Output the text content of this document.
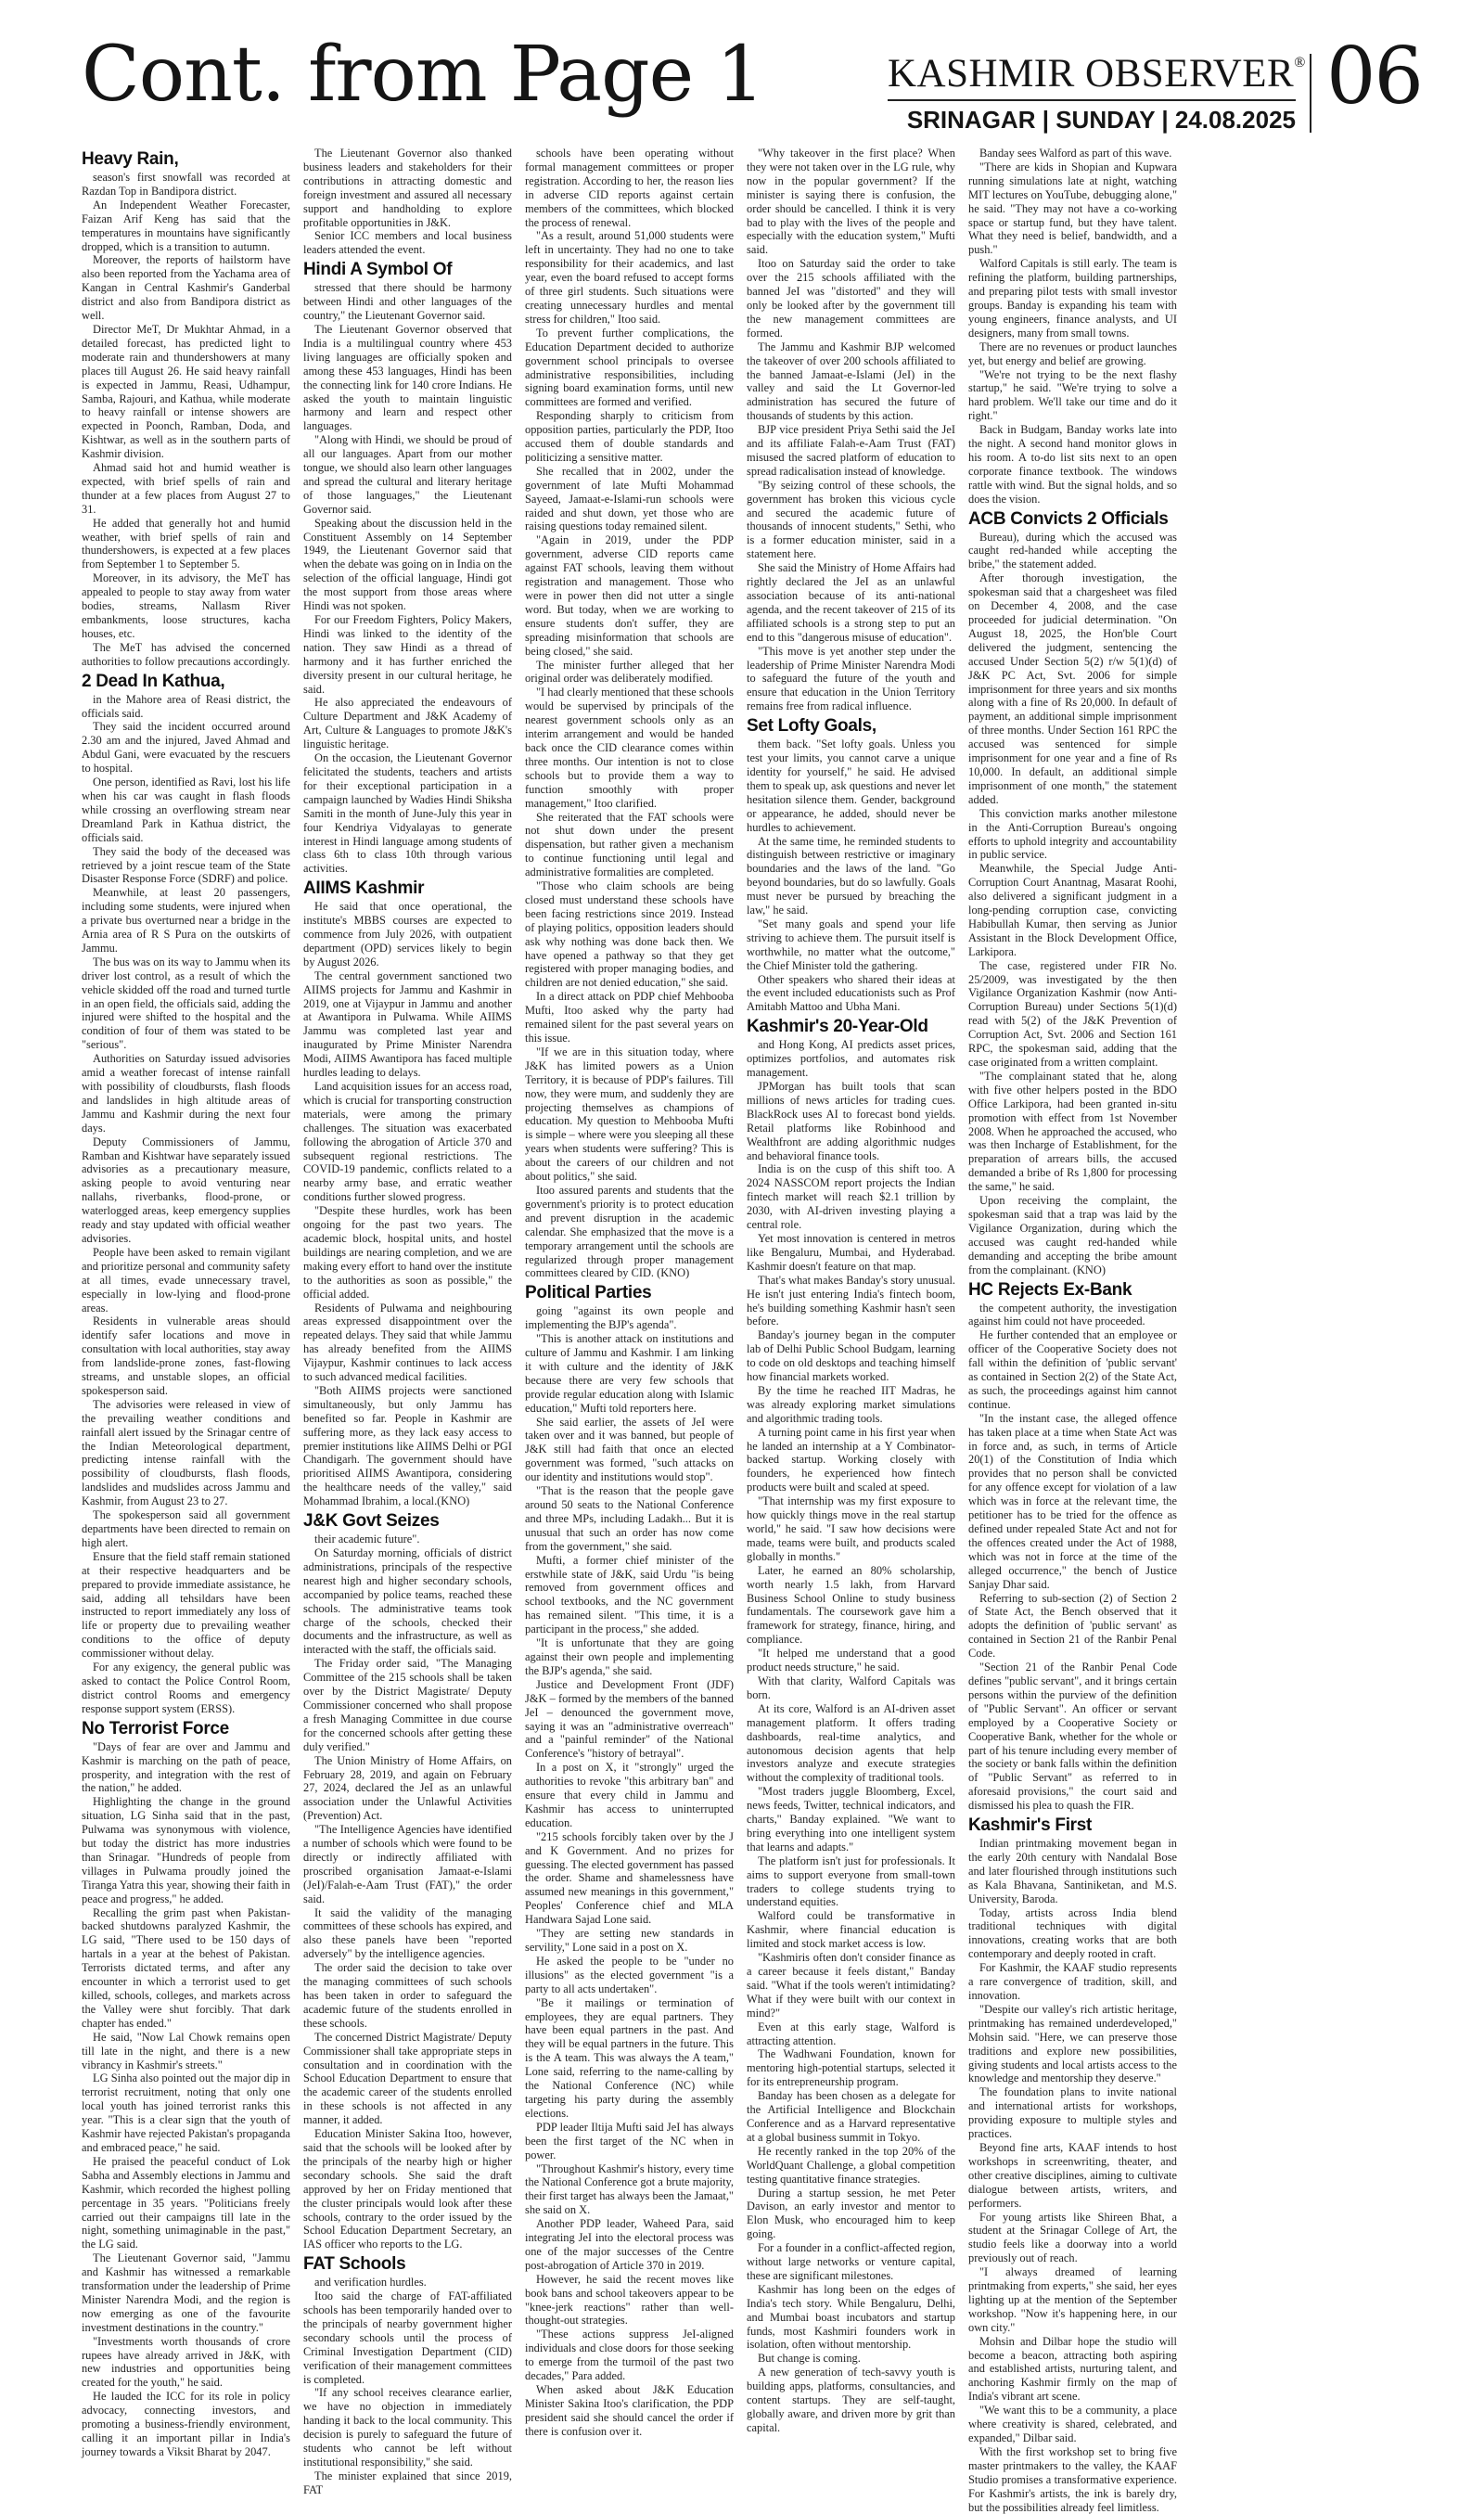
Cont. from Page 1	KASHMIR OBSERVER®
SRINAGAR | SUNDAY | 24.08.2025 06
Heavy Rain,

season's first snowfall was recorded at Razdan Top in Bandipora district.

An Independent Weather Forecaster, Faizan Arif Keng has said that the temperatures in mountains have significantly dropped, which is a transition to autumn.

Moreover, the reports of hailstorm have also been reported from the Yachama area of Kangan in Central Kashmir's Ganderbal district and also from Bandipora district as well.

Director MeT, Dr Mukhtar Ahmad, in a detailed forecast, has predicted light to moderate rain and thundershowers at many places till August 26. He said heavy rainfall is expected in Jammu, Reasi, Udhampur, Samba, Rajouri, and Kathua, while moderate to heavy rainfall or intense showers are expected in Poonch, Ramban, Doda, and Kishtwar, as well as in the southern parts of Kashmir division.

Ahmad said hot and humid weather is expected, with brief spells of rain and thunder at a few places from August 27 to 31.

He added that generally hot and humid weather, with brief spells of rain and thundershowers, is expected at a few places from September 1 to September 5.

Moreover, in its advisory, the MeT has appealed to people to stay away from water bodies, streams, Nallasm River embankments, loose structures, kacha houses, etc.

The MeT has advised the concerned authorities to follow precautions accordingly.

2 Dead In Kathua,

in the Mahore area of Reasi district, the officials said.

They said the incident occurred around 2.30 am and the injured, Javed Ahmad and Abdul Gani, were evacuated by the rescuers to hospital.

One person, identified as Ravi, lost his life when his car was caught in flash floods while crossing an overflowing stream near Dreamland Park in Kathua district, the officials said.

They said the body of the deceased was retrieved by a joint rescue team of the State Disaster Response Force (SDRF) and police.

Meanwhile, at least 20 passengers, including some students, were injured when a private bus overturned near a bridge in the Arnia area of R S Pura on the outskirts of Jammu.

The bus was on its way to Jammu when its driver lost control, as a result of which the vehicle skidded off the road and turned turtle in an open field, the officials said, adding the injured were shifted to the hospital and the condition of four of them was stated to be "serious".

Authorities on Saturday issued advisories amid a weather forecast of intense rainfall with possibility of cloudbursts, flash floods and landslides in high altitude areas of Jammu and Kashmir during the next four days.

Deputy Commissioners of Jammu, Ramban and Kishtwar have separately issued advisories as a precautionary measure, asking people to avoid venturing near nallahs, riverbanks, flood-prone, or waterlogged areas, keep emergency supplies ready and stay updated with official weather advisories.

People have been asked to remain vigilant and prioritize personal and community safety at all times, evade unnecessary travel, especially in low-lying and flood-prone areas.

Residents in vulnerable areas should identify safer locations and move in consultation with local authorities, stay away from landslide-prone zones, fast-flowing streams, and unstable slopes, an official spokesperson said.

The advisories were released in view of the prevailing weather conditions and rainfall alert issued by the Srinagar centre of the Indian Meteorological department, predicting intense rainfall with the possibility of cloudbursts, flash floods, landslides and mudslides across Jammu and Kashmir, from August 23 to 27.

The spokesperson said all government departments have been directed to remain on high alert.

Ensure that the field staff remain stationed at their respective headquarters and be prepared to provide immediate assistance, he said, adding all tehsildars have been instructed to report immediately any loss of life or property due to prevailing weather conditions to the office of deputy commissioner without delay.

For any exigency, the general public was asked to contact the Police Control Room, district control Rooms and emergency response support system (ERSS).

No Terrorist Force

"Days of fear are over and Jammu and Kashmir is marching on the path of peace, prosperity, and integration with the rest of the nation," he added.

Highlighting the change in the ground situation, LG Sinha said that in the past, Pulwama was synonymous with violence, but today the district has more industries than Srinagar. "Hundreds of people from villages in Pulwama proudly joined the Tiranga Yatra this year, showing their faith in peace and progress," he added.

Recalling the grim past when Pakistan-backed shutdowns paralyzed Kashmir, the LG said, "There used to be 150 days of hartals in a year at the behest of Pakistan. Terrorists dictated terms, and after any encounter in which a terrorist used to get killed, schools, colleges, and markets across the Valley were shut forcibly. That dark chapter has ended."

He said, "Now Lal Chowk remains open till late in the night, and there is a new vibrancy in Kashmir's streets."

LG Sinha also pointed out the major dip in terrorist recruitment, noting that only one local youth has joined terrorist ranks this year. "This is a clear sign that the youth of Kashmir have rejected Pakistan's propaganda and embraced peace," he said.

He praised the peaceful conduct of Lok Sabha and Assembly elections in Jammu and Kashmir, which recorded the highest polling percentage in 35 years. "Politicians freely carried out their campaigns till late in the night, something unimaginable in the past," the LG said.

The Lieutenant Governor said, "Jammu and Kashmir has witnessed a remarkable transformation under the leadership of Prime Minister Narendra Modi, and the region is now emerging as one of the favourite investment destinations in the country."

"Investments worth thousands of crore rupees have already arrived in J&K, with new industries and opportunities being created for the youth," he said.

He lauded the ICC for its role in policy advocacy, connecting investors, and promoting a business-friendly environment, calling it an important pillar in India's journey towards a Viksit Bharat by 2047.

The Lieutenant Governor also thanked business leaders and stakeholders for their contributions in attracting domestic and foreign investment and assured all necessary support and handholding to explore profitable opportunities in J&K.

Senior ICC members and local business leaders attended the event.

Hindi A Symbol Of

stressed that there should be harmony between Hindi and other languages of the country," the Lieutenant Governor said.

The Lieutenant Governor observed that India is a multilingual country where 453 living languages are officially spoken and among these 453 languages, Hindi has been the connecting link for 140 crore Indians. He asked the youth to maintain linguistic harmony and learn and respect other languages.

"Along with Hindi, we should be proud of all our languages. Apart from our mother tongue, we should also learn other languages and spread the cultural and literary heritage of those languages," the Lieutenant Governor said.

Speaking about the discussion held in the Constituent Assembly on 14 September 1949, the Lieutenant Governor said that when the debate was going on in India on the selection of the official language, Hindi got the most support from those areas where Hindi was not spoken.

For our Freedom Fighters, Policy Makers, Hindi was linked to the identity of the nation. They saw Hindi as a thread of harmony and it has further enriched the diversity present in our cultural heritage, he said.

He also appreciated the endeavours of Culture Department and J&K Academy of Art, Culture & Languages to promote J&K's linguistic heritage.

On the occasion, the Lieutenant Governor felicitated the students, teachers and artists for their exceptional participation in a campaign launched by Wadies Hindi Shiksha Samiti in the month of June-July this year in four Kendriya Vidyalayas to generate interest in Hindi language among students of class 6th to class 10th through various activities.

AIIMS Kashmir

He said that once operational, the institute's MBBS courses are expected to commence from July 2026, with outpatient department (OPD) services likely to begin by August 2026.

The central government sanctioned two AIIMS projects for Jammu and Kashmir in 2019, one at Vijaypur in Jammu and another at Awantipora in Pulwama. While AIIMS Jammu was completed last year and inaugurated by Prime Minister Narendra Modi, AIIMS Awantipora has faced multiple hurdles leading to delays.

Land acquisition issues for an access road, which is crucial for transporting construction materials, were among the primary challenges. The situation was exacerbated following the abrogation of Article 370 and subsequent regional restrictions. The COVID-19 pandemic, conflicts related to a nearby army base, and erratic weather conditions further slowed progress.

"Despite these hurdles, work has been ongoing for the past two years. The academic block, hospital units, and hostel buildings are nearing completion, and we are making every effort to hand over the institute to the authorities as soon as possible," the official added.

Residents of Pulwama and neighbouring areas expressed disappointment over the repeated delays. They said that while Jammu has already benefited from the AIIMS Vijaypur, Kashmir continues to lack access to such advanced medical facilities.

"Both AIIMS projects were sanctioned simultaneously, but only Jammu has benefited so far. People in Kashmir are suffering more, as they lack easy access to premier institutions like AIIMS Delhi or PGI Chandigarh. The government should have prioritised AIIMS Awantipora, considering the healthcare needs of the valley," said Mohammad Ibrahim, a local.(KNO)

J&K Govt Seizes

their academic future".

On Saturday morning, officials of district administrations, principals of the respective nearest high and higher secondary schools, accompanied by police teams, reached these schools. The administrative teams took charge of the schools, checked their documents and the infrastructure, as well as interacted with the staff, the officials said.

The Friday order said, "The Managing Committee of the 215 schools shall be taken over by the District Magistrate/ Deputy Commissioner concerned who shall propose a fresh Managing Committee in due course for the concerned schools after getting these duly verified."

The Union Ministry of Home Affairs, on February 28, 2019, and again on February 27, 2024, declared the JeI as an unlawful association under the Unlawful Activities (Prevention) Act.

"The Intelligence Agencies have identified a number of schools which were found to be directly or indirectly affiliated with proscribed organisation Jamaat-e-Islami (JeI)/Falah-e-Aam Trust (FAT)," the order said.

It said the validity of the managing committees of these schools has expired, and also these panels have been "reported adversely" by the intelligence agencies.

The order said the decision to take over the managing committees of such schools has been taken in order to safeguard the academic future of the students enrolled in these schools.

The concerned District Magistrate/ Deputy Commissioner shall take appropriate steps in consultation and in coordination with the School Education Department to ensure that the academic career of the students enrolled in these schools is not affected in any manner, it added.

Education Minister Sakina Itoo, however, said that the schools will be looked after by the principals of the nearby high or higher secondary schools. She said the draft approved by her on Friday mentioned that the cluster principals would look after these schools, contrary to the order issued by the School Education Department Secretary, an IAS officer who reports to the LG.

FAT Schools

and verification hurdles.

Itoo said the charge of FAT-affiliated schools has been temporarily handed over to the principals of nearby government higher secondary schools until the process of Criminal Investigation Department (CID) verification of their management committees is completed.

"If any school receives clearance earlier, we have no objection in immediately handing it back to the local community. This decision is purely to safeguard the future of students who cannot be left without institutional responsibility," she said.

The minister explained that since 2019, FAT

schools have been operating without formal management committees or proper registration. According to her, the reason lies in adverse CID reports against certain members of the committees, which blocked the process of renewal.

"As a result, around 51,000 students were left in uncertainty. They had no one to take responsibility for their academics, and last year, even the board refused to accept forms of three girl students. Such situations were creating unnecessary hurdles and mental stress for children," Itoo said.

To prevent further complications, the Education Department decided to authorize government school principals to oversee administrative responsibilities, including signing board examination forms, until new committees are formed and verified.

Responding sharply to criticism from opposition parties, particularly the PDP, Itoo accused them of double standards and politicizing a sensitive matter.

She recalled that in 2002, under the government of late Mufti Mohammad Sayeed, Jamaat-e-Islami-run schools were raided and shut down, yet those who are raising questions today remained silent.

"Again in 2019, under the PDP government, adverse CID reports came against FAT schools, leaving them without registration and management. Those who were in power then did not utter a single word. But today, when we are working to ensure students don't suffer, they are spreading misinformation that schools are being closed," she said.

The minister further alleged that her original order was deliberately modified.

"I had clearly mentioned that these schools would be supervised by principals of the nearest government schools only as an interim arrangement and would be handed back once the CID clearance comes within three months. Our intention is not to close schools but to provide them a way to function smoothly with proper management," Itoo clarified.

She reiterated that the FAT schools were not shut down under the present dispensation, but rather given a mechanism to continue functioning until legal and administrative formalities are completed.

"Those who claim schools are being closed must understand these schools have been facing restrictions since 2019. Instead of playing politics, opposition leaders should ask why nothing was done back then. We have opened a pathway so that they get registered with proper managing bodies, and children are not denied education," she said.

In a direct attack on PDP chief Mehbooba Mufti, Itoo asked why the party had remained silent for the past several years on this issue.

"If we are in this situation today, where J&K has limited powers as a Union Territory, it is because of PDP's failures. Till now, they were mum, and suddenly they are projecting themselves as champions of education. My question to Mehbooba Mufti is simple – where were you sleeping all these years when students were suffering? This is about the careers of our children and not about politics," she said.

Itoo assured parents and students that the government's priority is to protect education and prevent disruption in the academic calendar. She emphasized that the move is a temporary arrangement until the schools are regularized through proper management committees cleared by CID. (KNO)

Political Parties

going "against its own people and implementing the BJP's agenda".

"This is another attack on institutions and culture of Jammu and Kashmir. I am linking it with culture and the identity of J&K because there are very few schools that provide regular education along with Islamic education," Mufti told reporters here.

She said earlier, the assets of JeI were taken over and it was banned, but people of J&K still had faith that once an elected government was formed, "such attacks on our identity and institutions would stop".

"That is the reason that the people gave around 50 seats to the National Conference and three MPs, including Ladakh... But it is unusual that such an order has now come from the government," she said.

Mufti, a former chief minister of the erstwhile state of J&K, said Urdu "is being removed from government offices and school textbooks, and the NC government has remained silent. "This time, it is a participant in the process," she added.

"It is unfortunate that they are going against their own people and implementing the BJP's agenda," she said.

Justice and Development Front (JDF) J&K – formed by the members of the banned JeI – denounced the government move, saying it was an "administrative overreach" and a "painful reminder" of the National Conference's "history of betrayal".

In a post on X, it "strongly" urged the authorities to revoke "this arbitrary ban" and ensure that every child in Jammu and Kashmir has access to uninterrupted education.

"215 schools forcibly taken over by the J and K Government. And no prizes for guessing. The elected government has passed the order. Shame and shamelessness have assumed new meanings in this government," Peoples' Conference chief and MLA Handwara Sajad Lone said.

"They are setting new standards in servility," Lone said in a post on X.

He asked the people to be "under no illusions" as the elected government "is a party to all acts undertaken".

"Be it mailings or termination of employees, they are equal partners. They have been equal partners in the past. And they will be equal partners in the future. This is the A team. This was always the A team," Lone said, referring to the name-calling by the National Conference (NC) while targeting his party during the assembly elections.

PDP leader Iltija Mufti said JeI has always been the first target of the NC when in power.

"Throughout Kashmir's history, every time the National Conference got a brute majority, their first target has always been the Jamaat," she said on X.

Another PDP leader, Waheed Para, said integrating JeI into the electoral process was one of the major successes of the Centre post-abrogation of Article 370 in 2019.

However, he said the recent moves like book bans and school takeovers appear to be "knee-jerk reactions" rather than well-thought-out strategies.

"These actions suppress JeI-aligned individuals and close doors for those seeking to emerge from the turmoil of the past two decades," Para added.

When asked about J&K Education Minister Sakina Itoo's clarification, the PDP president said she should cancel the order if there is confusion over it.

"Why takeover in the first place? When they were not taken over in the LG rule, why now in the popular government? If the minister is saying there is confusion, the order should be cancelled. I think it is very bad to play with the lives of the people and especially with the education system," Mufti said.

Itoo on Saturday said the order to take over the 215 schools affiliated with the banned JeI was "distorted" and they will only be looked after by the government till the new management committees are formed.

The Jammu and Kashmir BJP welcomed the takeover of over 200 schools affiliated to the banned Jamaat-e-Islami (JeI) in the valley and said the Lt Governor-led administration has secured the future of thousands of students by this action.

BJP vice president Priya Sethi said the JeI and its affiliate Falah-e-Aam Trust (FAT) misused the sacred platform of education to spread radicalisation instead of knowledge.

"By seizing control of these schools, the government has broken this vicious cycle and secured the academic future of thousands of innocent students," Sethi, who is a former education minister, said in a statement here.

She said the Ministry of Home Affairs had rightly declared the JeI as an unlawful association because of its anti-national agenda, and the recent takeover of 215 of its affiliated schools is a strong step to put an end to this "dangerous misuse of education".

"This move is yet another step under the leadership of Prime Minister Narendra Modi to safeguard the future of the youth and ensure that education in the Union Territory remains free from radical influence.

Set Lofty Goals,

them back. "Set lofty goals. Unless you test your limits, you cannot carve a unique identity for yourself," he said. He advised them to speak up, ask questions and never let hesitation silence them. Gender, background or appearance, he added, should never be hurdles to achievement.

At the same time, he reminded students to distinguish between restrictive or imaginary boundaries and the laws of the land. "Go beyond boundaries, but do so lawfully. Goals must never be pursued by breaching the law," he said.

"Set many goals and spend your life striving to achieve them. The pursuit itself is worthwhile, no matter what the outcome," the Chief Minister told the gathering.

Other speakers who shared their ideas at the event included educationists such as Prof Amitabh Mattoo and Ubha Mani.

Kashmir's 20-Year-Old

and Hong Kong, AI predicts asset prices, optimizes portfolios, and automates risk management.

JPMorgan has built tools that scan millions of news articles for trading cues. BlackRock uses AI to forecast bond yields. Retail platforms like Robinhood and Wealthfront are adding algorithmic nudges and behavioral finance tools.

India is on the cusp of this shift too. A 2024 NASSCOM report projects the Indian fintech market will reach $2.1 trillion by 2030, with AI-driven investing playing a central role.

Yet most innovation is centered in metros like Bengaluru, Mumbai, and Hyderabad. Kashmir doesn't feature on that map.

That's what makes Banday's story unusual. He isn't just entering India's fintech boom, he's building something Kashmir hasn't seen before.

Banday's journey began in the computer lab of Delhi Public School Budgam, learning to code on old desktops and teaching himself how financial markets worked.

By the time he reached IIT Madras, he was already exploring market simulations and algorithmic trading tools.

A turning point came in his first year when he landed an internship at a Y Combinator-backed startup. Working closely with founders, he experienced how fintech products were built and scaled at speed.

"That internship was my first exposure to how quickly things move in the real startup world," he said. "I saw how decisions were made, teams were built, and products scaled globally in months."

Later, he earned an 80% scholarship, worth nearly 1.5 lakh, from Harvard Business School Online to study business fundamentals. The coursework gave him a framework for strategy, finance, hiring, and compliance.

"It helped me understand that a good product needs structure," he said.

With that clarity, Walford Capitals was born.

At its core, Walford is an AI-driven asset management platform. It offers trading dashboards, real-time analytics, and autonomous decision agents that help investors analyze and execute strategies without the complexity of traditional tools.

"Most traders juggle Bloomberg, Excel, news feeds, Twitter, technical indicators, and charts," Banday explained. "We want to bring everything into one intelligent system that learns and adapts."

The platform isn't just for professionals. It aims to support everyone from small-town traders to college students trying to understand equities.

Walford could be transformative in Kashmir, where financial education is limited and stock market access is low.

"Kashmiris often don't consider finance as a career because it feels distant," Banday said. "What if the tools weren't intimidating? What if they were built with our context in mind?"

Even at this early stage, Walford is attracting attention.

The Wadhwani Foundation, known for mentoring high-potential startups, selected it for its entrepreneurship program.

Banday has been chosen as a delegate for the Artificial Intelligence and Blockchain Conference and as a Harvard representative at a global business summit in Tokyo.

He recently ranked in the top 20% of the WorldQuant Challenge, a global competition testing quantitative finance strategies.

During a startup session, he met Peter Davison, an early investor and mentor to Elon Musk, who encouraged him to keep going.

For a founder in a conflict-affected region, without large networks or venture capital, these are significant milestones.

Kashmir has long been on the edges of India's tech story. While Bengaluru, Delhi, and Mumbai boast incubators and startup funds, most Kashmiri founders work in isolation, often without mentorship.

But change is coming.

A new generation of tech-savvy youth is building apps, platforms, consultancies, and content startups. They are self-taught, globally aware, and driven more by grit than capital.

Banday sees Walford as part of this wave.

"There are kids in Shopian and Kupwara running simulations late at night, watching MIT lectures on YouTube, debugging alone," he said. "They may not have a co-working space or startup fund, but they have talent. What they need is belief, bandwidth, and a push."

Walford Capitals is still early. The team is refining the platform, building partnerships, and preparing pilot tests with small investor groups. Banday is expanding his team with young engineers, finance analysts, and UI designers, many from small towns.

There are no revenues or product launches yet, but energy and belief are growing.

"We're not trying to be the next flashy startup," he said. "We're trying to solve a hard problem. We'll take our time and do it right."

Back in Budgam, Banday works late into the night. A second hand monitor glows in his room. A to-do list sits next to an open corporate finance textbook. The windows rattle with wind. But the signal holds, and so does the vision.

ACB Convicts 2 Officials

Bureau), during which the accused was caught red-handed while accepting the bribe," the statement added.

After thorough investigation, the spokesman said that a chargesheet was filed on December 4, 2008, and the case proceeded for judicial determination. "On August 18, 2025, the Hon'ble Court delivered the judgment, sentencing the accused Under Section 5(2) r/w 5(1)(d) of J&K PC Act, Svt. 2006 for simple imprisonment for three years and six months along with a fine of Rs 20,000. In default of payment, an additional simple imprisonment of three months. Under Section 161 RPC the accused was sentenced for simple imprisonment for one year and a fine of Rs 10,000. In default, an additional simple imprisonment of one month," the statement added.

This conviction marks another milestone in the Anti-Corruption Bureau's ongoing efforts to uphold integrity and accountability in public service.

Meanwhile, the Special Judge Anti-Corruption Court Anantnag, Masarat Roohi, also delivered a significant judgment in a long-pending corruption case, convicting Habibullah Kumar, then serving as Junior Assistant in the Block Development Office, Larkipora.

The case, registered under FIR No. 25/2009, was investigated by the then Vigilance Organization Kashmir (now Anti-Corruption Bureau) under Sections 5(1)(d) read with 5(2) of the J&K Prevention of Corruption Act, Svt. 2006 and Section 161 RPC, the spokesman said, adding that the case originated from a written complaint.

"The complainant stated that he, along with five other helpers posted in the BDO Office Larkipora, had been granted in-situ promotion with effect from 1st November 2008. When he approached the accused, who was then Incharge of Establishment, for the preparation of arrears bills, the accused demanded a bribe of Rs 1,800 for processing the same," he said.

Upon receiving the complaint, the spokesman said that a trap was laid by the Vigilance Organization, during which the accused was caught red-handed while demanding and accepting the bribe amount from the complainant. (KNO)

HC Rejects Ex-Bank

the competent authority, the investigation against him could not have proceeded.

He further contended that an employee or officer of the Cooperative Society does not fall within the definition of 'public servant' as contained in Section 2(2) of the State Act, as such, the proceedings against him cannot continue.

"In the instant case, the alleged offence has taken place at a time when State Act was in force and, as such, in terms of Article 20(1) of the Constitution of India which provides that no person shall be convicted for any offence except for violation of a law which was in force at the relevant time, the petitioner has to be tried for the offence as defined under repealed State Act and not for the offences created under the Act of 1988, which was not in force at the time of the alleged occurrence," the bench of Justice Sanjay Dhar said.

Referring to sub-section (2) of Section 2 of State Act, the Bench observed that it adopts the definition of 'public servant' as contained in Section 21 of the Ranbir Penal Code.

"Section 21 of the Ranbir Penal Code defines "public servant", and it brings certain persons within the purview of the definition of "Public Servant". An officer or servant employed by a Cooperative Society or Cooperative Bank, whether for the whole or part of his tenure including every member of the society or bank falls within the definition of "Public Servant" as referred to in aforesaid provisions," the court said and dismissed his plea to quash the FIR.

Kashmir's First

Indian printmaking movement began in the early 20th century with Nandalal Bose and later flourished through institutions such as Kala Bhavana, Santiniketan, and M.S. University, Baroda.

Today, artists across India blend traditional techniques with digital innovations, creating works that are both contemporary and deeply rooted in craft.

For Kashmir, the KAAF studio represents a rare convergence of tradition, skill, and innovation.

"Despite our valley's rich artistic heritage, printmaking has remained underdeveloped," Mohsin said. "Here, we can preserve those traditions and explore new possibilities, giving students and local artists access to the knowledge and mentorship they deserve."

The foundation plans to invite national and international artists for workshops, providing exposure to multiple styles and practices.

Beyond fine arts, KAAF intends to host workshops in screenwriting, theater, and other creative disciplines, aiming to cultivate dialogue between artists, writers, and performers.

For young artists like Shireen Bhat, a student at the Srinagar College of Art, the studio feels like a doorway into a world previously out of reach.

"I always dreamed of learning printmaking from experts," she said, her eyes lighting up at the mention of the September workshop. "Now it's happening here, in our own city."

Mohsin and Dilbar hope the studio will become a beacon, attracting both aspiring and established artists, nurturing talent, and anchoring Kashmir firmly on the map of India's vibrant art scene.

"We want this to be a community, a place where creativity is shared, celebrated, and expanded," Dilbar said.

With the first workshop set to bring five master printmakers to the valley, the KAAF Studio promises a transformative experience. For Kashmir's artists, the ink is barely dry, but the possibilities already feel limitless.
